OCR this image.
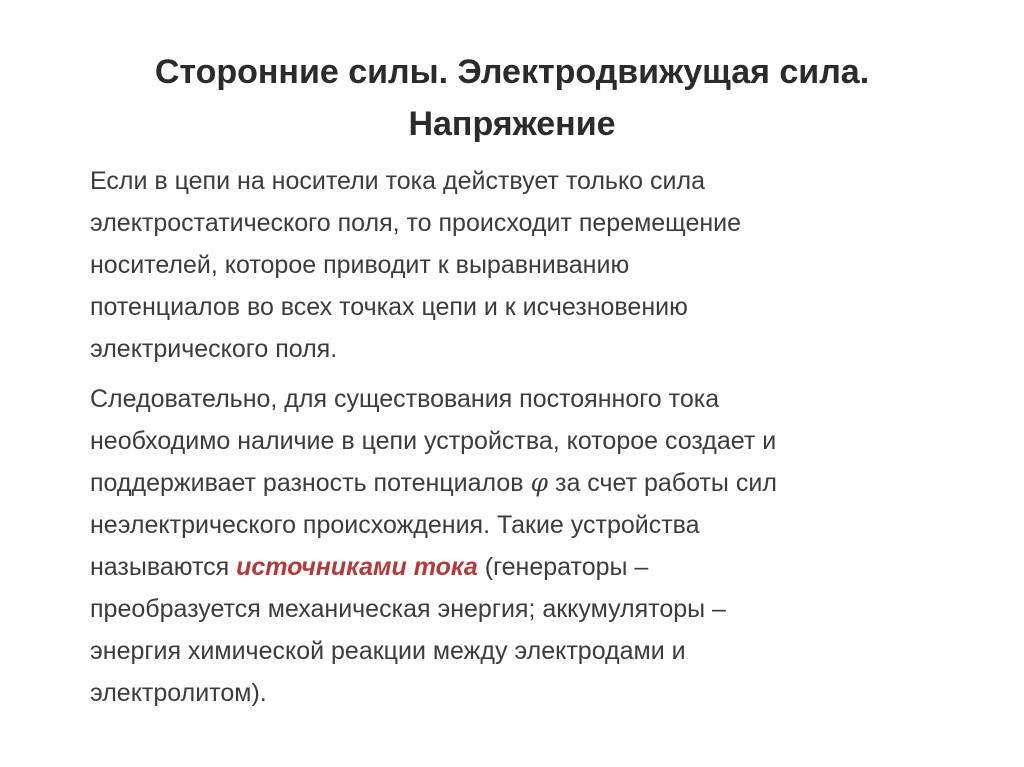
Сторонние силы. Электродвижущая сила.
Напряжение

Если в цепи на носители тока действует только сила
электростатического поля, то происходит перемещение
носителей, которое приводит к выравниванию
потенциалов во всех точках цепи и к исчезновению
электрического поля.

Следовательно, для существования постоянного тока
необходимо наличие в цепи устройства, которое создает и
поддерживает разность потенциалов φ за счет работы сил
неэлектрического происхождения. Такие устройства
называются источниками тока (генераторы –
преобразуется механическая энергия; аккумуляторы –
энергия химической реакции между электродами и
электролитом).
